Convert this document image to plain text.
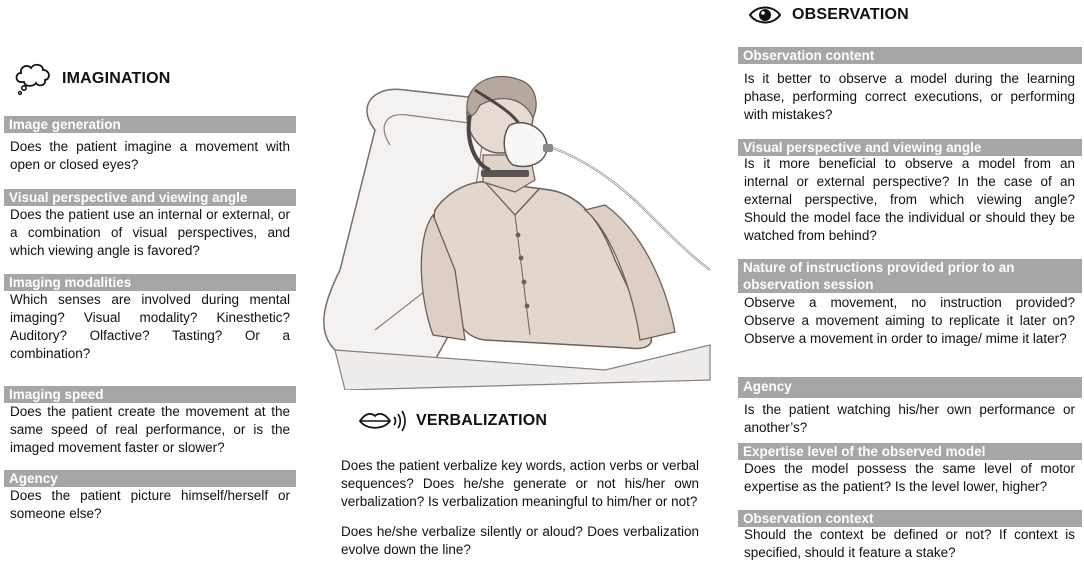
IMAGINATION
Image generation
Does the patient imagine a movement with open or closed eyes?
Visual perspective and viewing angle
Does the patient use an internal or external, or a combination of visual perspectives, and which viewing angle is favored?
Imaging modalities
Which senses are involved during mental imaging? Visual modality? Kinesthetic? Auditory? Olfactive? Tasting? Or a combination?
Imaging speed
Does the patient create the movement at the same speed of real performance, or is the imaged movement faster or slower?
Agency
Does the patient picture himself/herself or someone else?
VERBALIZATION
Does the patient verbalize key words, action verbs or verbal sequences? Does he/she generate or not his/her own verbalization? Is verbalization meaningful to him/her or not?
Does he/she verbalize silently or aloud? Does verbalization evolve down the line?
OBSERVATION
Observation content
Is it better to observe a model during the learning phase, performing correct executions, or performing with mistakes?
Visual perspective and viewing angle
Is it more beneficial to observe a model from an internal or external perspective? In the case of an external perspective, from which viewing angle? Should the model face the individual or should they be watched from behind?
Nature of instructions provided prior to an observation session
Observe a movement, no instruction provided? Observe a movement aiming to replicate it later on? Observe a movement in order to image/ mime it later?
Agency
Is the patient watching his/her own performance or another’s?
Expertise level of the observed model
Does the model possess the same level of motor expertise as the patient? Is the level lower, higher?
Observation context
Should the context be defined or not? If context is specified, should it feature a stake?
